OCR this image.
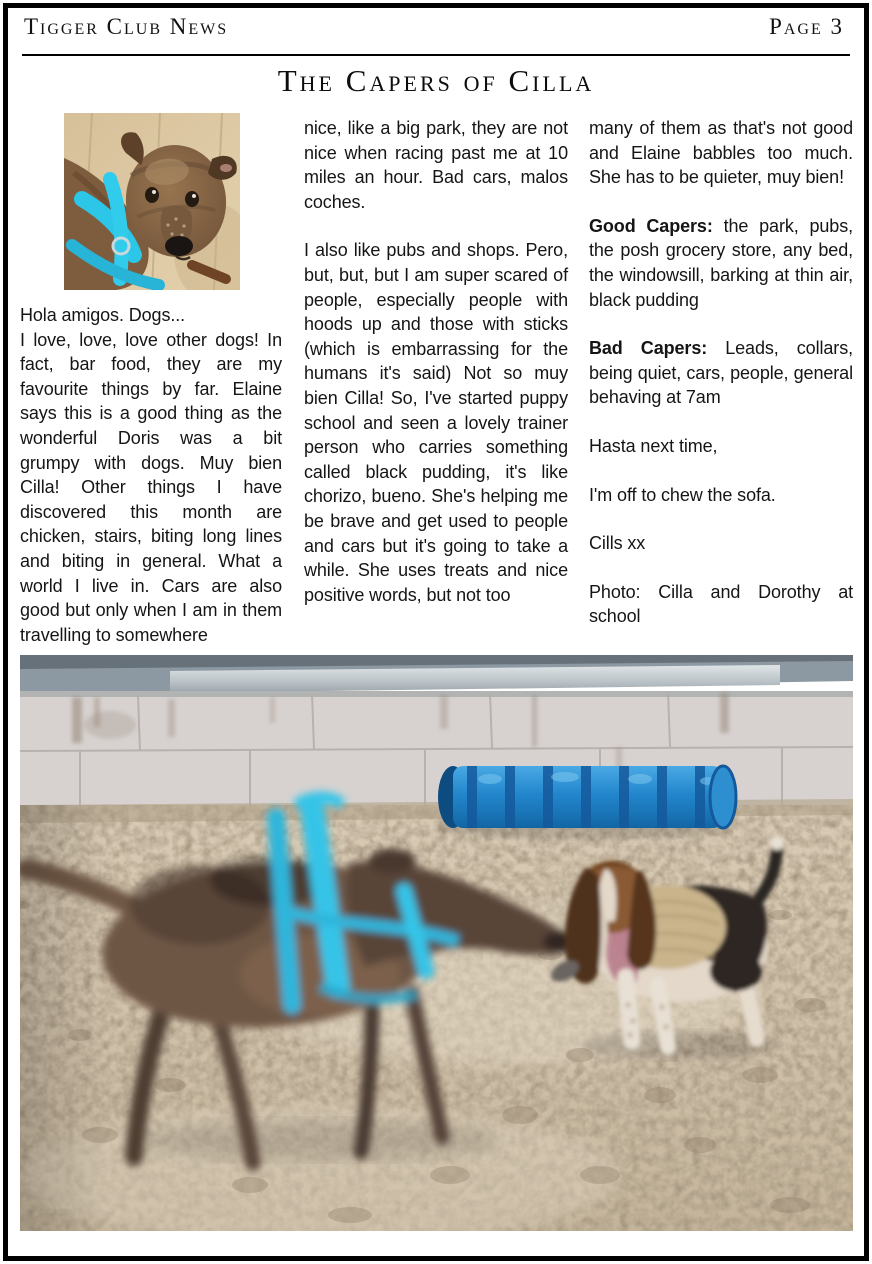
Tigger Club News	Page 3
The Capers of Cilla

Hola amigos. Dogs...

I love, love, love other dogs! In fact, bar food, they are my favourite things by far. Elaine says this is a good thing as the wonderful Doris was a bit grumpy with dogs. Muy bien Cilla! Other things I have discovered this month are chicken, stairs, biting long lines and biting in general. What a world I live in. Cars are also good but only when I am in them travelling to somewhere

nice, like a big park, they are not nice when racing past me at 10 miles an hour. Bad cars, malos coches.

I also like pubs and shops. Pero, but, but, but I am super scared of people, especially people with hoods up and those with sticks (which is embarrassing for the humans it's said) Not so muy bien Cilla! So, I've started puppy school and seen a lovely trainer person who carries something called black pudding, it's like chorizo, bueno. She's helping me be brave and get used to people and cars but it's going to take a while. She uses treats and nice positive words, but not too

many of them as that's not good and Elaine babbles too much. She has to be quieter, muy bien!

Good Capers: the park, pubs, the posh grocery store, any bed, the windowsill, barking at thin air, black pudding

Bad Capers: Leads, collars, being quiet, cars, people, general behaving at 7am

Hasta next time,

I'm off to chew the sofa.

Cills xx

Photo: Cilla and Dorothy at school
